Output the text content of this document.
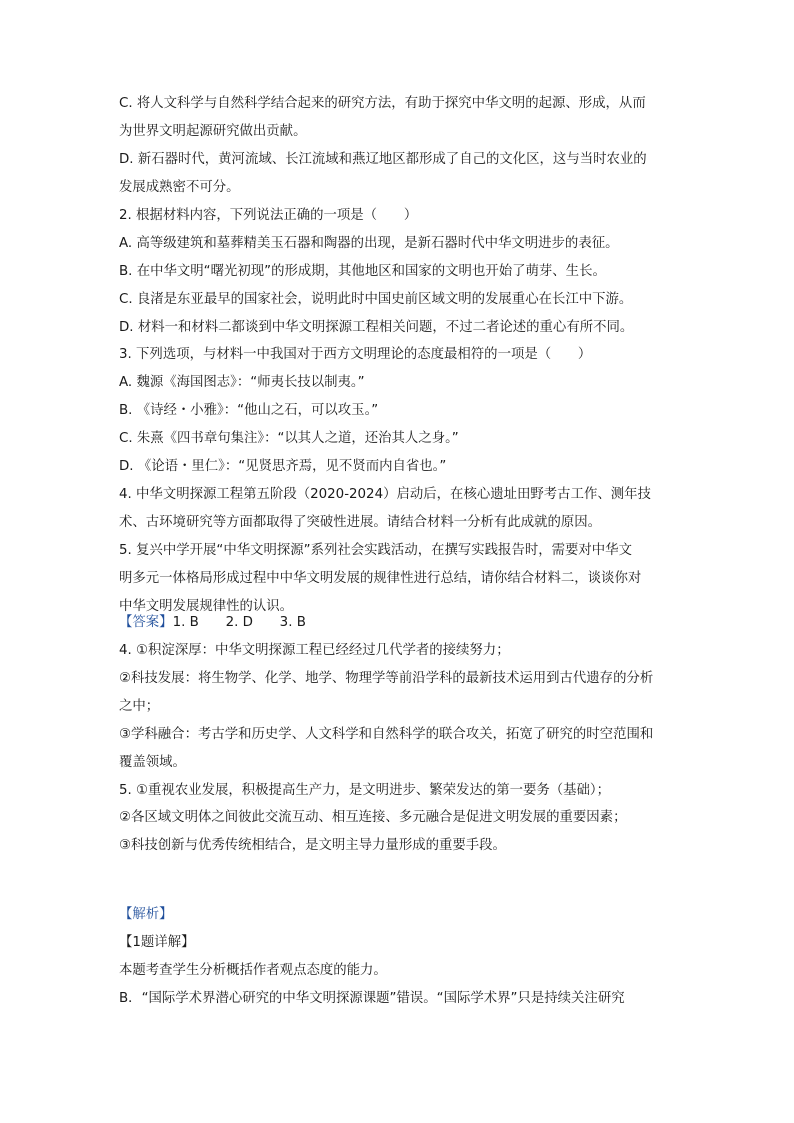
C. 将人文科学与自然科学结合起来的研究方法，有助于探究中华文明的起源、形成，从而
为世界文明起源研究做出贡献。
D. 新石器时代，黄河流域、长江流域和燕辽地区都形成了自己的文化区，这与当时农业的
发展成熟密不可分。
2. 根据材料内容，下列说法正确的一项是（　　）
A. 高等级建筑和墓葬精美玉石器和陶器的出现，是新石器时代中华文明进步的表征。
B. 在中华文明“曙光初现”的形成期，其他地区和国家的文明也开始了萌芽、生长。
C. 良渚是东亚最早的国家社会，说明此时中国史前区域文明的发展重心在长江中下游。
D. 材料一和材料二都谈到中华文明探源工程相关问题，不过二者论述的重心有所不同。
3. 下列选项，与材料一中我国对于西方文明理论的态度最相符的一项是（　　）
A. 魏源《海国图志》：“师夷长技以制夷。”
B. 《诗经・小雅》：“他山之石，可以攻玉。”
C. 朱熹《四书章句集注》：“以其人之道，还治其人之身。”
D. 《论语・里仁》：“见贤思齐焉，见不贤而内自省也。”
4. 中华文明探源工程第五阶段（2020-2024）启动后，在核心遗址田野考古工作、测年技
术、古环境研究等方面都取得了突破性进展。请结合材料一分析有此成就的原因。
5. 复兴中学开展“中华文明探源”系列社会实践活动，在撰写实践报告时，需要对中华文
明多元一体格局形成过程中中华文明发展的规律性进行总结，请你结合材料二，谈谈你对
中华文明发展规律性的认识。
【答案】1. B　　2. D　　3. B
4. ①积淀深厚：中华文明探源工程已经经过几代学者的接续努力；
②科技发展：将生物学、化学、地学、物理学等前沿学科的最新技术运用到古代遗存的分析
之中；
③学科融合：考古学和历史学、人文科学和自然科学的联合攻关，拓宽了研究的时空范围和
覆盖领域。
5. ①重视农业发展，积极提高生产力，是文明进步、繁荣发达的第一要务（基础）；
②各区域文明体之间彼此交流互动、相互连接、多元融合是促进文明发展的重要因素；
③科技创新与优秀传统相结合，是文明主导力量形成的重要手段。
【解析】
【1题详解】
本题考查学生分析概括作者观点态度的能力。
B．“国际学术界潜心研究的中华文明探源课题”错误。“国际学术界”只是持续关注研究
